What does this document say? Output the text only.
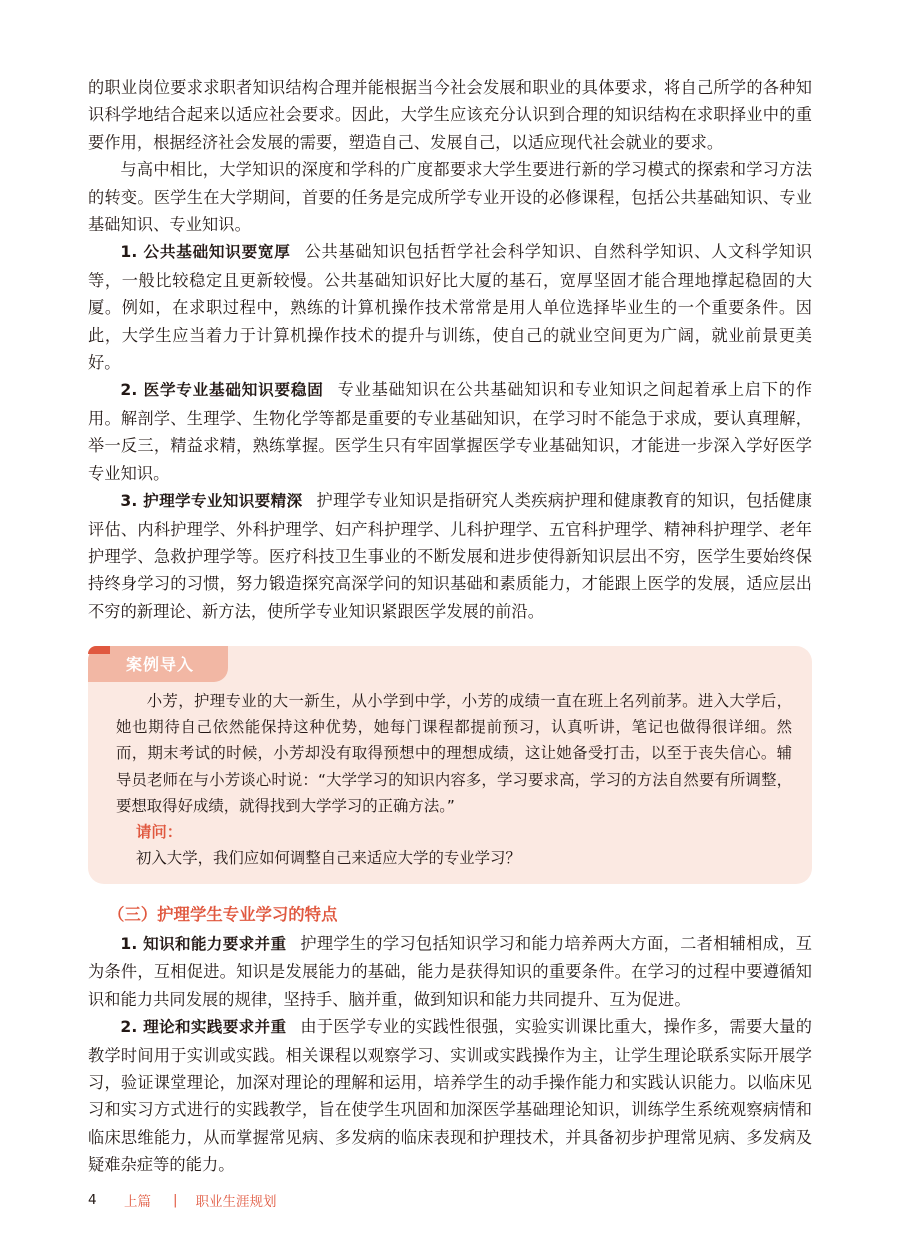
的职业岗位要求求职者知识结构合理并能根据当今社会发展和职业的具体要求，将自己所学的各种知识科学地结合起来以适应社会要求。因此，大学生应该充分认识到合理的知识结构在求职择业中的重要作用，根据经济社会发展的需要，塑造自己、发展自己，以适应现代社会就业的要求。

与高中相比，大学知识的深度和学科的广度都要求大学生要进行新的学习模式的探索和学习方法的转变。医学生在大学期间，首要的任务是完成所学专业开设的必修课程，包括公共基础知识、专业基础知识、专业知识。

1. 公共基础知识要宽厚 公共基础知识包括哲学社会科学知识、自然科学知识、人文科学知识等，一般比较稳定且更新较慢。公共基础知识好比大厦的基石，宽厚坚固才能合理地撑起稳固的大厦。例如，在求职过程中，熟练的计算机操作技术常常是用人单位选择毕业生的一个重要条件。因此，大学生应当着力于计算机操作技术的提升与训练，使自己的就业空间更为广阔，就业前景更美好。

2. 医学专业基础知识要稳固 专业基础知识在公共基础知识和专业知识之间起着承上启下的作用。解剖学、生理学、生物化学等都是重要的专业基础知识，在学习时不能急于求成，要认真理解，举一反三，精益求精，熟练掌握。医学生只有牢固掌握医学专业基础知识，才能进一步深入学好医学专业知识。

3. 护理学专业知识要精深 护理学专业知识是指研究人类疾病护理和健康教育的知识，包括健康评估、内科护理学、外科护理学、妇产科护理学、儿科护理学、五官科护理学、精神科护理学、老年护理学、急救护理学等。医疗科技卫生事业的不断发展和进步使得新知识层出不穷，医学生要始终保持终身学习的习惯，努力锻造探究高深学问的知识基础和素质能力，才能跟上医学的发展，适应层出不穷的新理论、新方法，使所学专业知识紧跟医学发展的前沿。

案例导入

小芳，护理专业的大一新生，从小学到中学，小芳的成绩一直在班上名列前茅。进入大学后，她也期待自己依然能保持这种优势，她每门课程都提前预习，认真听讲，笔记也做得很详细。然而，期末考试的时候，小芳却没有取得预想中的理想成绩，这让她备受打击，以至于丧失信心。辅导员老师在与小芳谈心时说：“大学学习的知识内容多，学习要求高，学习的方法自然要有所调整，要想取得好成绩，就得找到大学学习的正确方法。”

请问：

初入大学，我们应如何调整自己来适应大学的专业学习？

（三）护理学生专业学习的特点

1. 知识和能力要求并重 护理学生的学习包括知识学习和能力培养两大方面，二者相辅相成，互为条件，互相促进。知识是发展能力的基础，能力是获得知识的重要条件。在学习的过程中要遵循知识和能力共同发展的规律，坚持手、脑并重，做到知识和能力共同提升、互为促进。

2. 理论和实践要求并重 由于医学专业的实践性很强，实验实训课比重大，操作多，需要大量的教学时间用于实训或实践。相关课程以观察学习、实训或实践操作为主，让学生理论联系实际开展学习，验证课堂理论，加深对理论的理解和运用，培养学生的动手操作能力和实践认识能力。以临床见习和实习方式进行的实践教学，旨在使学生巩固和加深医学基础理论知识，训练学生系统观察病情和临床思维能力，从而掌握常见病、多发病的临床表现和护理技术，并具备初步护理常见病、多发病及疑难杂症等的能力。

4	上篇 | 职业生涯规划
